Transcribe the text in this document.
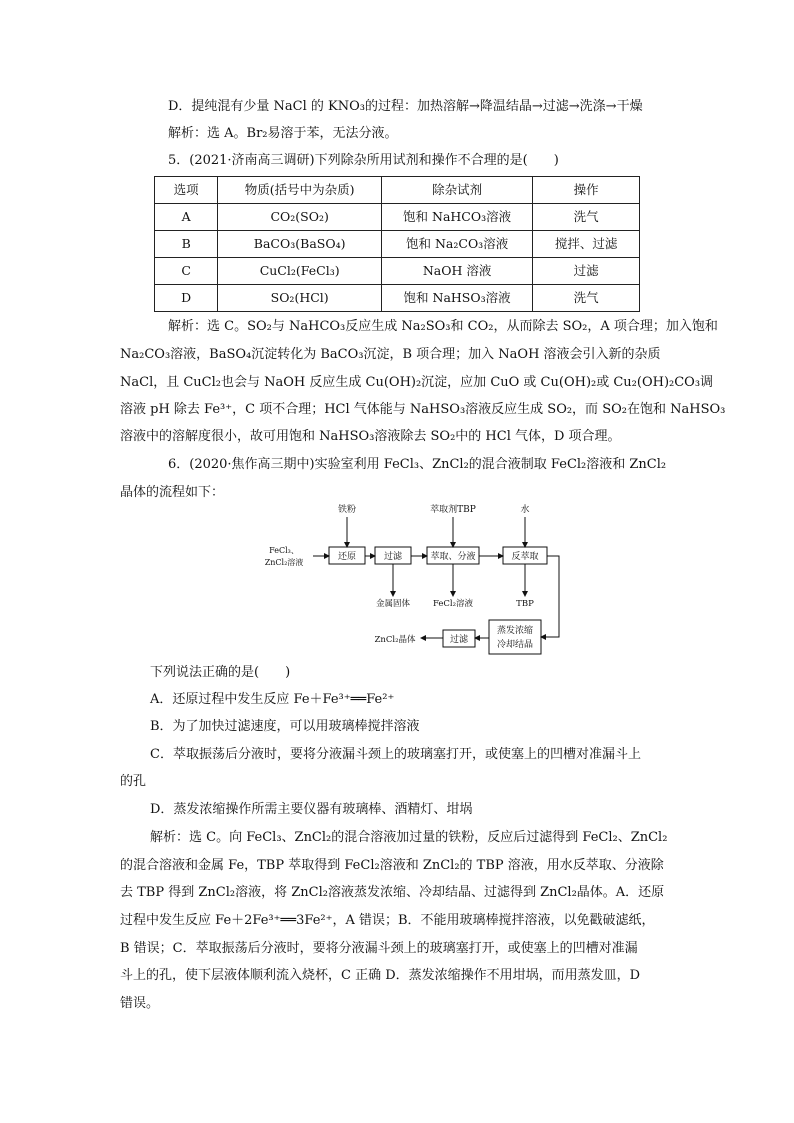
D．提纯混有少量 NaCl 的 KNO₃的过程：加热溶解→降温结晶→过滤→洗涤→干燥
解析：选 A。Br₂易溶于苯，无法分液。
5．(2021·济南高三调研)下列除杂所用试剂和操作不合理的是(　　)
选项	物质(括号中为杂质)	除杂试剂	操作
A	CO₂(SO₂)	饱和 NaHCO₃溶液	洗气
B	BaCO₃(BaSO₄)	饱和 Na₂CO₃溶液	搅拌、过滤
C	CuCl₂(FeCl₃)	NaOH 溶液	过滤
D	SO₂(HCl)	饱和 NaHSO₃溶液	洗气
解析：选 C。SO₂与 NaHCO₃反应生成 Na₂SO₃和 CO₂，从而除去 SO₂，A 项合理；加入饱和
Na₂CO₃溶液，BaSO₄沉淀转化为 BaCO₃沉淀，B 项合理；加入 NaOH 溶液会引入新的杂质
NaCl，且 CuCl₂也会与 NaOH 反应生成 Cu(OH)₂沉淀，应加 CuO 或 Cu(OH)₂或 Cu₂(OH)₂CO₃调
溶液 pH 除去 Fe³⁺，C 项不合理；HCl 气体能与 NaHSO₃溶液反应生成 SO₂，而 SO₂在饱和 NaHSO₃
溶液中的溶解度很小，故可用饱和 NaHSO₃溶液除去 SO₂中的 HCl 气体，D 项合理。
6．(2020·焦作高三期中)实验室利用 FeCl₃、ZnCl₂的混合液制取 FeCl₂溶液和 ZnCl₂
晶体的流程如下：
FeCl₃、
ZnCl₂溶液
铁粉	萃取剂TBP	水
还原	过滤	萃取、分液	反萃取
金属固体	FeCl₂溶液	TBP
蒸发浓缩
冷却结晶
过滤
ZnCl₂晶体
下列说法正确的是(　　)
A．还原过程中发生反应 Fe＋Fe³⁺══Fe²⁺
B．为了加快过滤速度，可以用玻璃棒搅拌溶液
C．萃取振荡后分液时，要将分液漏斗颈上的玻璃塞打开，或使塞上的凹槽对准漏斗上
的孔
D．蒸发浓缩操作所需主要仪器有玻璃棒、酒精灯、坩埚
解析：选 C。向 FeCl₃、ZnCl₂的混合溶液加过量的铁粉，反应后过滤得到 FeCl₂、ZnCl₂
的混合溶液和金属 Fe，TBP 萃取得到 FeCl₂溶液和 ZnCl₂的 TBP 溶液，用水反萃取、分液除
去 TBP 得到 ZnCl₂溶液，将 ZnCl₂溶液蒸发浓缩、冷却结晶、过滤得到 ZnCl₂晶体。A．还原
过程中发生反应 Fe＋2Fe³⁺══3Fe²⁺，A 错误；B．不能用玻璃棒搅拌溶液，以免戳破滤纸，
B 错误；C．萃取振荡后分液时，要将分液漏斗颈上的玻璃塞打开，或使塞上的凹槽对准漏
斗上的孔，使下层液体顺利流入烧杯，C 正确 D．蒸发浓缩操作不用坩埚，而用蒸发皿，D
错误。
